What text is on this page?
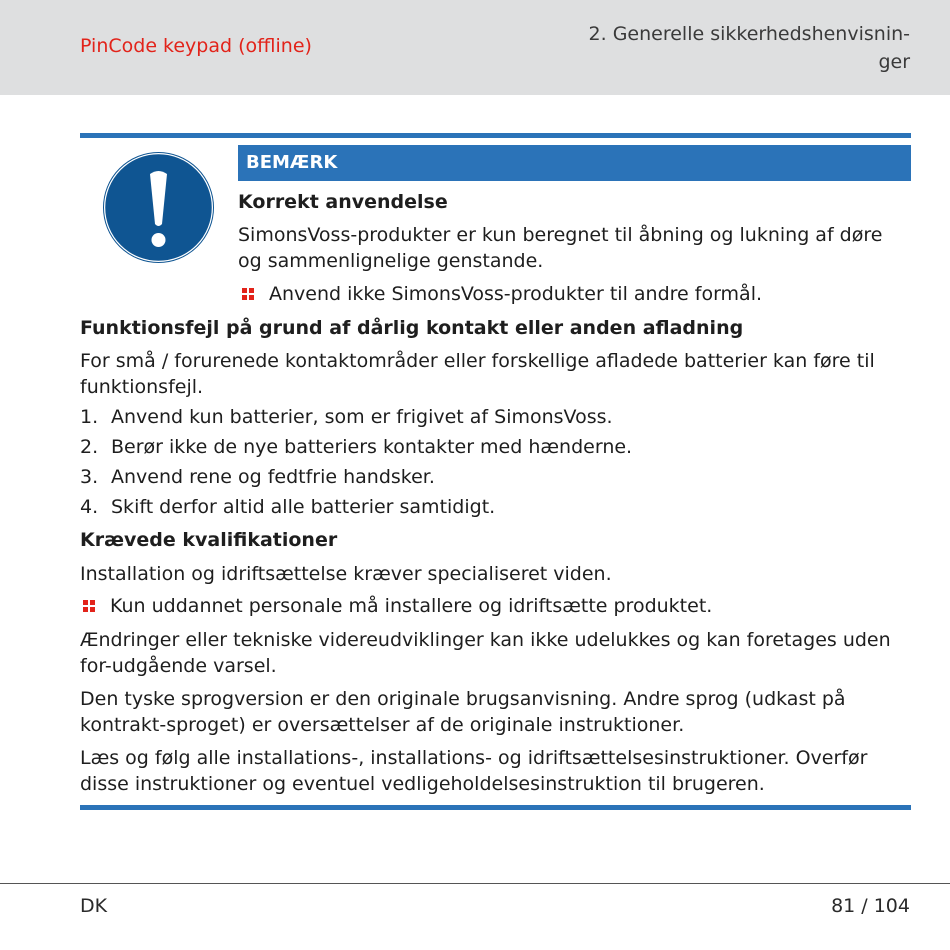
PinCode keypad (offline)
2. Generelle sikkerhedshenvisnin-
ger
BEMÆRK
Korrekt anvendelse
SimonsVoss-produkter er kun beregnet til åbning og lukning af døre og sammenlignelige genstande.
Anvend ikke SimonsVoss-produkter til andre formål.
Funktionsfejl på grund af dårlig kontakt eller anden afladning
For små / forurenede kontaktområder eller forskellige afladede batterier kan føre til funktionsfejl.
1. Anvend kun batterier, som er frigivet af SimonsVoss.
2. Berør ikke de nye batteriers kontakter med hænderne.
3. Anvend rene og fedtfrie handsker.
4. Skift derfor altid alle batterier samtidigt.
Krævede kvalifikationer
Installation og idriftsættelse kræver specialiseret viden.
Kun uddannet personale må installere og idriftsætte produktet.
Ændringer eller tekniske videreudviklinger kan ikke udelukkes og kan foretages uden for-udgående varsel.
Den tyske sprogversion er den originale brugsanvisning. Andre sprog (udkast på kontrakt-sproget) er oversættelser af de originale instruktioner.
Læs og følg alle installations-, installations- og idriftsættelsesinstruktioner. Overfør disse instruktioner og eventuel vedligeholdelsesinstruktion til brugeren.
DK	81 / 104
